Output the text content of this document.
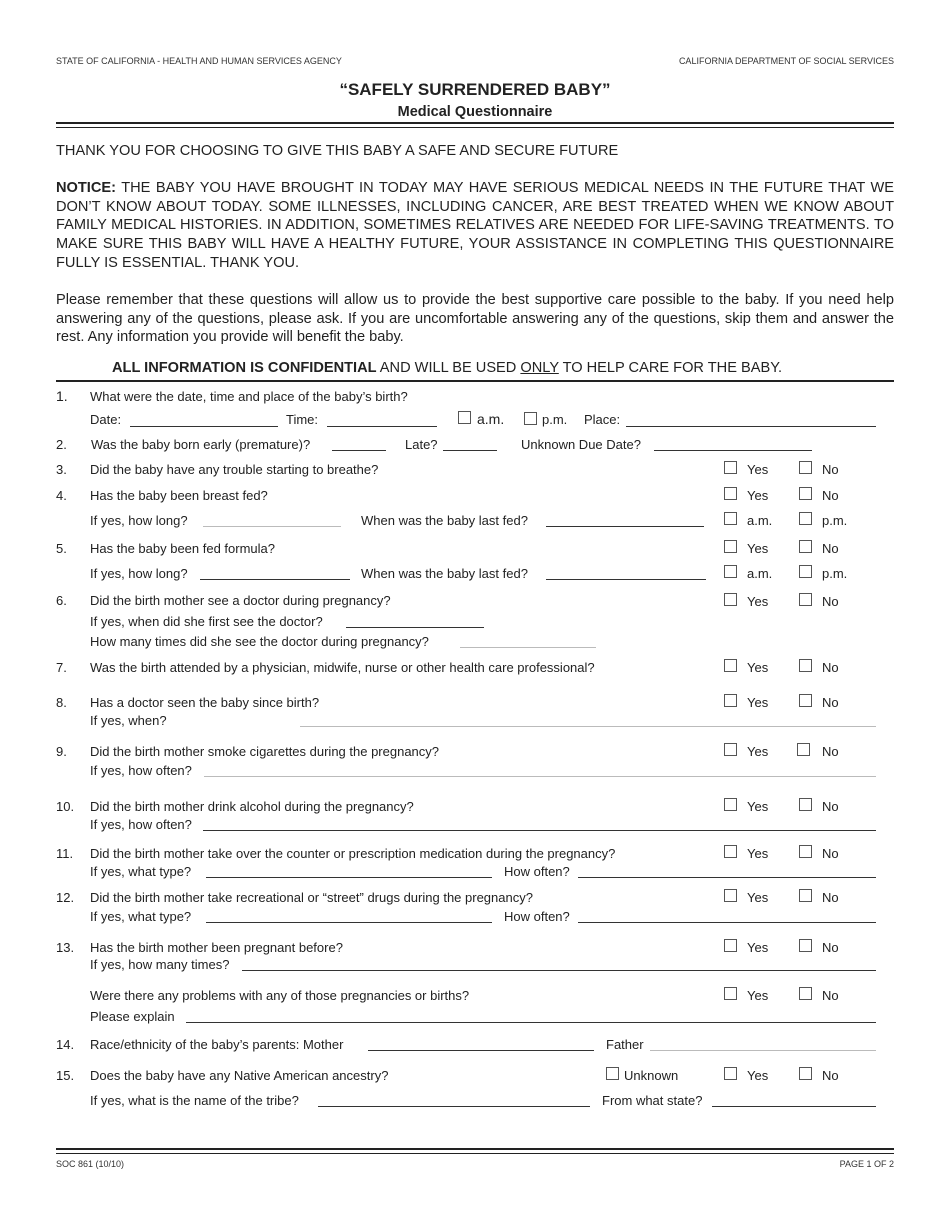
STATE OF CALIFORNIA - HEALTH AND HUMAN SERVICES AGENCY	CALIFORNIA DEPARTMENT OF SOCIAL SERVICES
“SAFELY SURRENDERED BABY”
Medical Questionnaire
THANK YOU FOR CHOOSING TO GIVE THIS BABY A SAFE AND SECURE FUTURE
NOTICE: THE BABY YOU HAVE BROUGHT IN TODAY MAY HAVE SERIOUS MEDICAL NEEDS IN THE FUTURE THAT WE DON’T KNOW ABOUT TODAY. SOME ILLNESSES, INCLUDING CANCER, ARE BEST TREATED WHEN WE KNOW ABOUT FAMILY MEDICAL HISTORIES. IN ADDITION, SOMETIMES RELATIVES ARE NEEDED FOR LIFE-SAVING TREATMENTS. TO MAKE SURE THIS BABY WILL HAVE A HEALTHY FUTURE, YOUR ASSISTANCE IN COMPLETING THIS QUESTIONNAIRE FULLY IS ESSENTIAL. THANK YOU.
Please remember that these questions will allow us to provide the best supportive care possible to the baby. If you need help answering any of the questions, please ask. If you are uncomfortable answering any of the questions, skip them and answer the rest. Any information you provide will benefit the baby.
ALL INFORMATION IS CONFIDENTIAL AND WILL BE USED ONLY TO HELP CARE FOR THE BABY.
1. What were the date, time and place of the baby’s birth?
Date:	Time:	a.m.	p.m. Place:
2. Was the baby born early (premature)?	Late?	Unknown Due Date?
3. Did the baby have any trouble starting to breathe?	Yes	No
4. Has the baby been breast fed?	Yes	No
If yes, how long?	When was the baby last fed?	a.m.	p.m.
5. Has the baby been fed formula?	Yes	No
If yes, how long?	When was the baby last fed?	a.m.	p.m.
6. Did the birth mother see a doctor during pregnancy?	Yes	No
If yes, when did she first see the doctor?
How many times did she see the doctor during pregnancy?
7. Was the birth attended by a physician, midwife, nurse or other health care professional?	Yes	No
8. Has a doctor seen the baby since birth?	Yes	No
If yes, when?
9. Did the birth mother smoke cigarettes during the pregnancy?	Yes	No
If yes, how often?
10. Did the birth mother drink alcohol during the pregnancy?	Yes	No
If yes, how often?
11. Did the birth mother take over the counter or prescription medication during the pregnancy?	Yes	No
If yes, what type?	How often?
12. Did the birth mother take recreational or “street” drugs during the pregnancy?	Yes	No
If yes, what type?	How often?
13. Has the birth mother been pregnant before?	Yes	No
If yes, how many times?
Were there any problems with any of those pregnancies or births?	Yes	No
Please explain
14. Race/ethnicity of the baby’s parents: Mother	Father
15. Does the baby have any Native American ancestry?	Unknown	Yes	No
If yes, what is the name of the tribe?	From what state?
SOC 861 (10/10)	PAGE 1 OF 2
